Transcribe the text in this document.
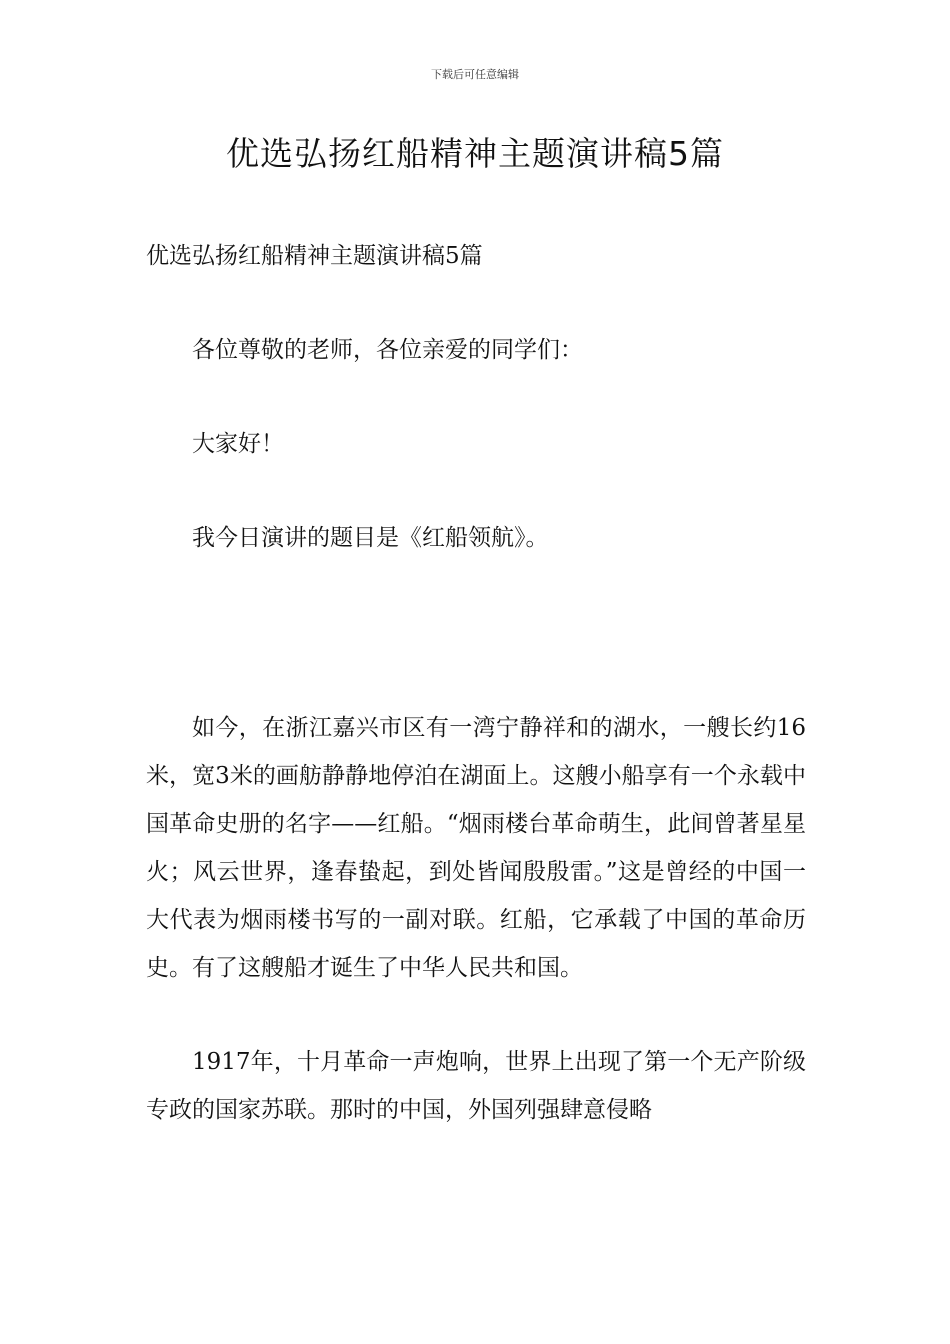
下载后可任意编辑
优选弘扬红船精神主题演讲稿5篇

优选弘扬红船精神主题演讲稿5篇

各位尊敬的老师，各位亲爱的同学们：

大家好！

我今日演讲的题目是《红船领航》。

如今，在浙江嘉兴市区有一湾宁静祥和的湖水，一艘长约16米，宽3米的画舫静静地停泊在湖面上。这艘小船享有一个永载中国革命史册的名字——红船。“烟雨楼台革命萌生，此间曾著星星火；风云世界，逢春蛰起，到处皆闻殷殷雷。”这是曾经的中国一大代表为烟雨楼书写的一副对联。红船，它承载了中国的革命历史。有了这艘船才诞生了中华人民共和国。

1917年，十月革命一声炮响，世界上出现了第一个无产阶级专政的国家苏联。那时的中国，外国列强肆意侵略
